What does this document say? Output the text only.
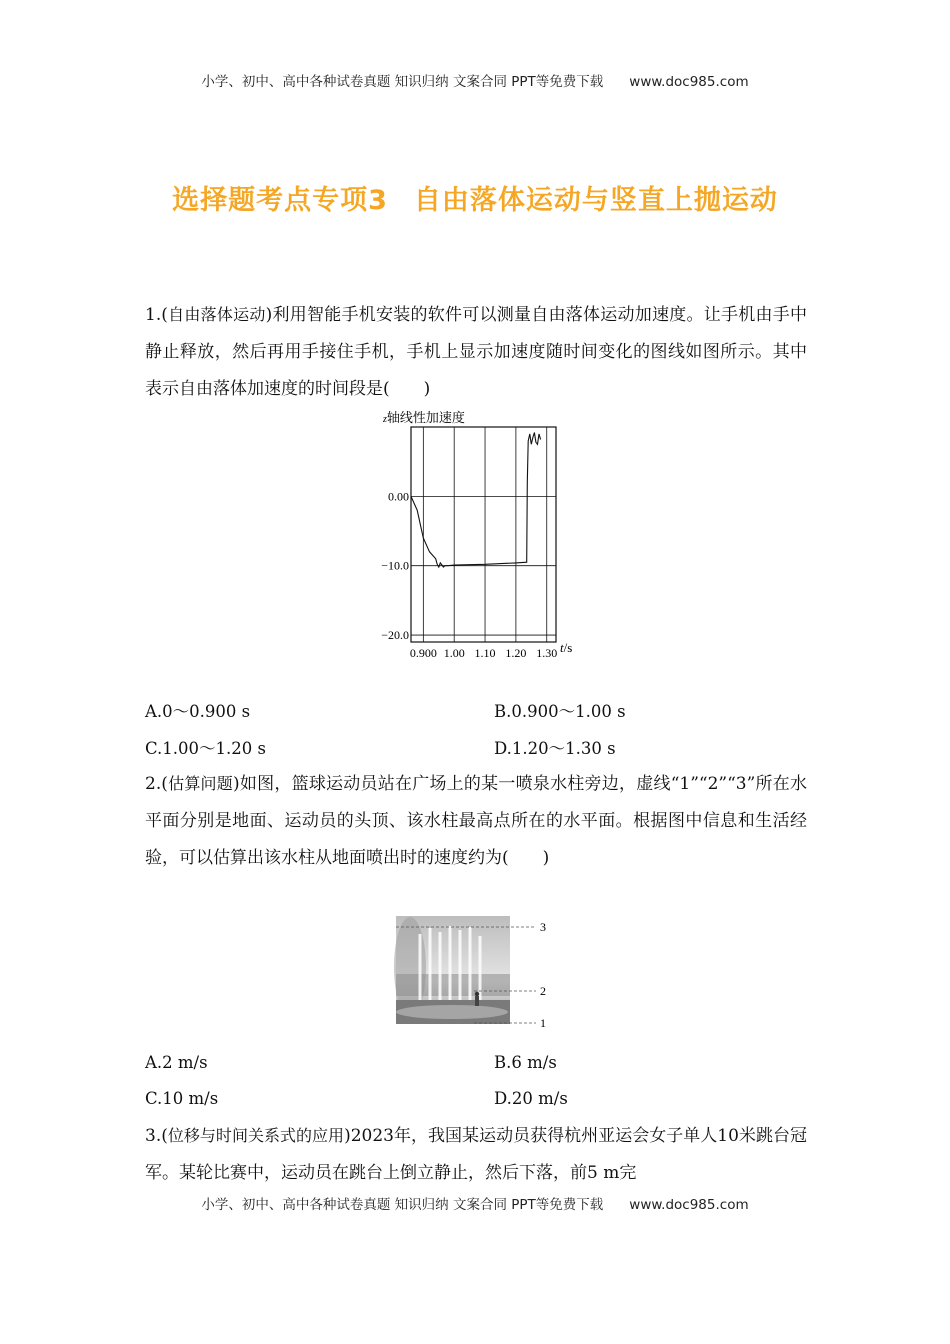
小学、初中、高中各种试卷真题 知识归纳 文案合同 PPT等免费下载 www.doc985.com
选择题考点专项3 自由落体运动与竖直上抛运动
1.(自由落体运动)利用智能手机安装的软件可以测量自由落体运动加速度。让手机由手中静止释放，然后再用手接住手机，手机上显示加速度随时间变化的图线如图所示。其中表示自由落体加速度的时间段是(　　)
z轴线性加速度
0.00
−10.0
−20.0
0.900 1.00 1.10 1.20 1.30 t/s
A.0～0.900 s	B.0.900～1.00 s
C.1.00～1.20 s	D.1.20～1.30 s
2.(估算问题)如图，篮球运动员站在广场上的某一喷泉水柱旁边，虚线“1”“2”“3”所在水平面分别是地面、运动员的头顶、该水柱最高点所在的水平面。根据图中信息和生活经验，可以估算出该水柱从地面喷出时的速度约为(　　)
3
2
1
A.2 m/s	B.6 m/s
C.10 m/s	D.20 m/s
3.(位移与时间关系式的应用)2023年，我国某运动员获得杭州亚运会女子单人10米跳台冠军。某轮比赛中，运动员在跳台上倒立静止，然后下落，前5 m完
小学、初中、高中各种试卷真题 知识归纳 文案合同 PPT等免费下载 www.doc985.com
